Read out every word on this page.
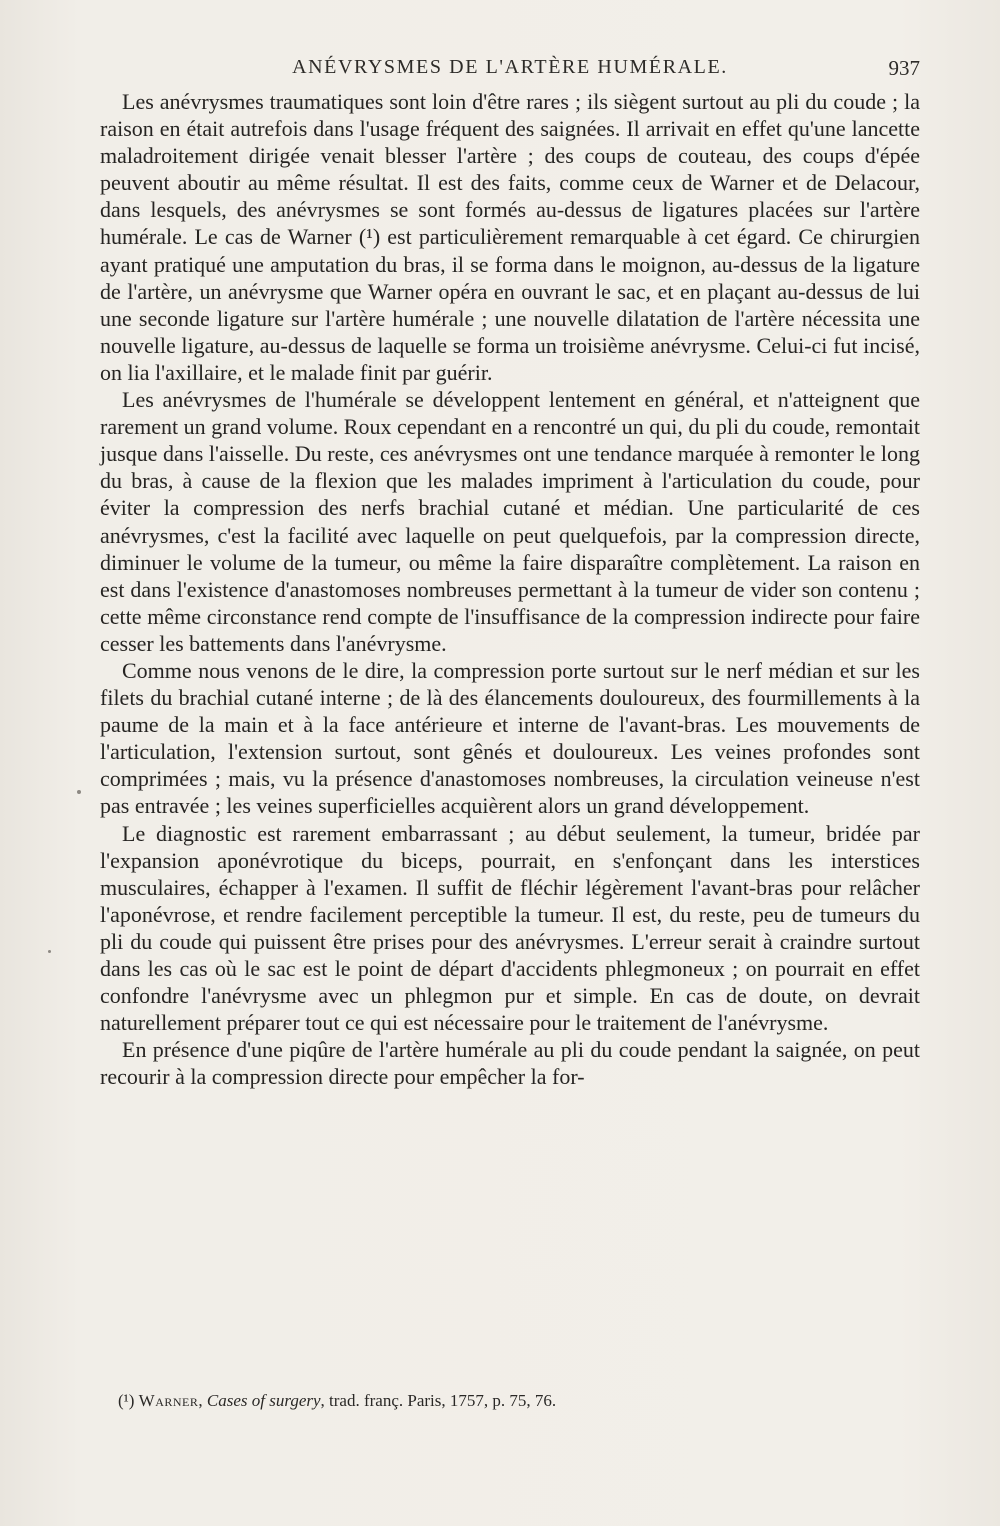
ANÉVRYSMES DE L'ARTÈRE HUMÉRALE.	937

Les anévrysmes traumatiques sont loin d'être rares ; ils siègent surtout au pli du coude ; la raison en était autrefois dans l'usage fréquent des saignées. Il arrivait en effet qu'une lancette maladroitement dirigée venait blesser l'artère ; des coups de couteau, des coups d'épée peuvent aboutir au même résultat. Il est des faits, comme ceux de Warner et de Delacour, dans lesquels, des anévrysmes se sont formés au-dessus de ligatures placées sur l'artère humérale. Le cas de Warner (¹) est particulièrement remarquable à cet égard. Ce chirurgien ayant pratiqué une amputation du bras, il se forma dans le moignon, au-dessus de la ligature de l'artère, un anévrysme que Warner opéra en ouvrant le sac, et en plaçant au-dessus de lui une seconde ligature sur l'artère humérale ; une nouvelle dilatation de l'artère nécessita une nouvelle ligature, au-dessus de laquelle se forma un troisième anévrysme. Celui-ci fut incisé, on lia l'axillaire, et le malade finit par guérir.

Les anévrysmes de l'humérale se développent lentement en général, et n'atteignent que rarement un grand volume. Roux cependant en a rencontré un qui, du pli du coude, remontait jusque dans l'aisselle. Du reste, ces anévrysmes ont une tendance marquée à remonter le long du bras, à cause de la flexion que les malades impriment à l'articulation du coude, pour éviter la compression des nerfs brachial cutané et médian. Une particularité de ces anévrysmes, c'est la facilité avec laquelle on peut quelquefois, par la compression directe, diminuer le volume de la tumeur, ou même la faire disparaître complètement. La raison en est dans l'existence d'anastomoses nombreuses permettant à la tumeur de vider son contenu ; cette même circonstance rend compte de l'insuffisance de la compression indirecte pour faire cesser les battements dans l'anévrysme.

Comme nous venons de le dire, la compression porte surtout sur le nerf médian et sur les filets du brachial cutané interne ; de là des élancements douloureux, des fourmillements à la paume de la main et à la face antérieure et interne de l'avant-bras. Les mouvements de l'articulation, l'extension surtout, sont gênés et douloureux. Les veines profondes sont comprimées ; mais, vu la présence d'anastomoses nombreuses, la circulation veineuse n'est pas entravée ; les veines superficielles acquièrent alors un grand développement.

Le diagnostic est rarement embarrassant ; au début seulement, la tumeur, bridée par l'expansion aponévrotique du biceps, pourrait, en s'enfonçant dans les interstices musculaires, échapper à l'examen. Il suffit de fléchir légèrement l'avant-bras pour relâcher l'aponévrose, et rendre facilement perceptible la tumeur. Il est, du reste, peu de tumeurs du pli du coude qui puissent être prises pour des anévrysmes. L'erreur serait à craindre surtout dans les cas où le sac est le point de départ d'accidents phlegmoneux ; on pourrait en effet confondre l'anévrysme avec un phlegmon pur et simple. En cas de doute, on devrait naturellement préparer tout ce qui est nécessaire pour le traitement de l'anévrysme.

En présence d'une piqûre de l'artère humérale au pli du coude pendant la saignée, on peut recourir à la compression directe pour empêcher la for-

(¹) Warner, Cases of surgery, trad. franç. Paris, 1757, p. 75, 76.
